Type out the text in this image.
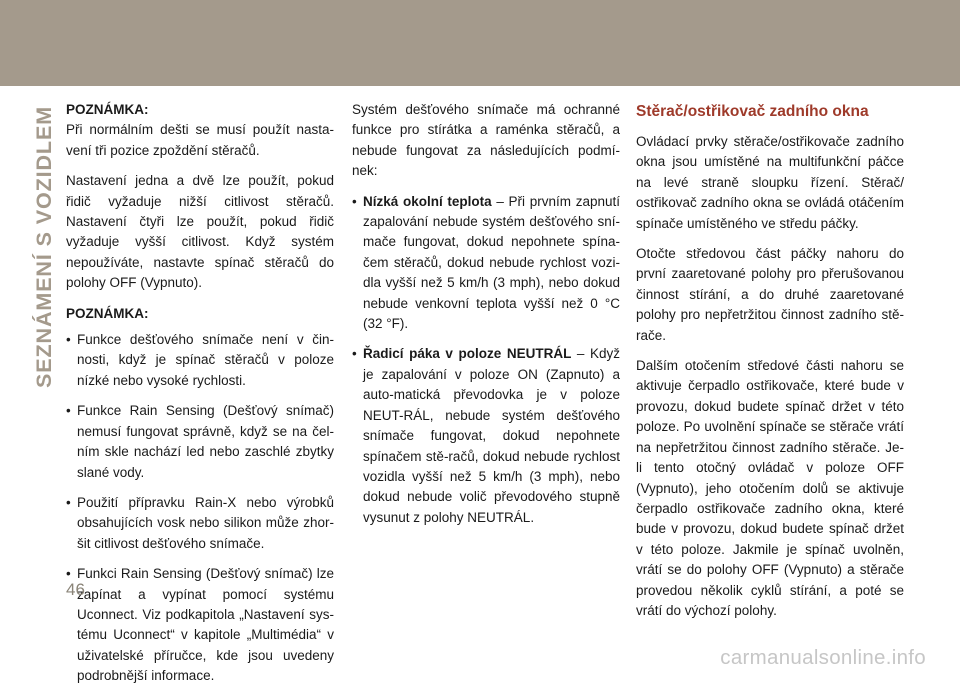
SEZNÁMENÍ S VOZIDLEM POZNÁMKA:

Při normálním dešti se musí použít nasta-vení tři pozice zpoždění stěračů.

Nastavení jedna a dvě lze použít, pokud řidič vyžaduje nižší citlivost stěračů. Nastavení čtyři lze použít, pokud řidič vyžaduje vyšší citlivost. Když systém nepoužíváte, nastavte spínač stěračů do polohy OFF (Vypnuto).

POZNÁMKA:

• Funkce dešťového snímače není v čin-nosti, když je spínač stěračů v poloze nízké nebo vysoké rychlosti.
• Funkce Rain Sensing (Dešťový snímač) nemusí fungovat správně, když se na čel-ním skle nachází led nebo zaschlé zbytky slané vody.
• Použití přípravku Rain-X nebo výrobků obsahujících vosk nebo silikon může zhor-šit citlivost dešťového snímače.
• Funkci Rain Sensing (Dešťový snímač) lze zapínat a vypínat pomocí systému Uconnect. Viz podkapitola „Nastavení sys-tému Uconnect“ v kapitole „Multimédia“ v uživatelské příručce, kde jsou uvedeny podrobnější informace.

Systém dešťového snímače má ochranné funkce pro stírátka a raménka stěračů, a nebude fungovat za následujících podmí-nek:

• Nízká okolní teplota – Při prvním zapnutí zapalování nebude systém dešťového sní-mače fungovat, dokud nepohnete spína-čem stěračů, dokud nebude rychlost vozi-dla vyšší než 5 km/h (3 mph), nebo dokud nebude venkovní teplota vyšší než 0 °C (32 °F).
• Řadicí páka v poloze NEUTRÁL – Když je zapalování v poloze ON (Zapnuto) a auto-matická převodovka je v poloze NEUT-RÁL, nebude systém dešťového snímače fungovat, dokud nepohnete spínačem stě-račů, dokud nebude rychlost vozidla vyšší než 5 km/h (3 mph), nebo dokud nebude volič převodového stupně vysunut z polohy NEUTRÁL.
Stěrač/ostřikovač zadního okna

Ovládací prvky stěrače/ostřikovače zadního okna jsou umístěné na multifunkční páčce na levé straně sloupku řízení. Stěrač/ ostřikovač zadního okna se ovládá otáčením spínače umístěného ve středu páčky.

Otočte středovou část páčky nahoru do první zaaretované polohy pro přerušovanou činnost stírání, a do druhé zaaretované polohy pro nepřetržitou činnost zadního stě-rače.

Dalším otočením středové části nahoru se aktivuje čerpadlo ostřikovače, které bude v provozu, dokud budete spínač držet v této poloze. Po uvolnění spínače se stěrače vrátí na nepřetržitou činnost zadního stěrače. Je-li tento otočný ovládač v poloze OFF (Vypnuto), jeho otočením dolů se aktivuje čerpadlo ostřikovače zadního okna, které bude v provozu, dokud budete spínač držet v této poloze. Jakmile je spínač uvolněn, vrátí se do polohy OFF (Vypnuto) a stěrače provedou několik cyklů stírání, a poté se vrátí do výchozí polohy.

46
carmanualsonline.info
